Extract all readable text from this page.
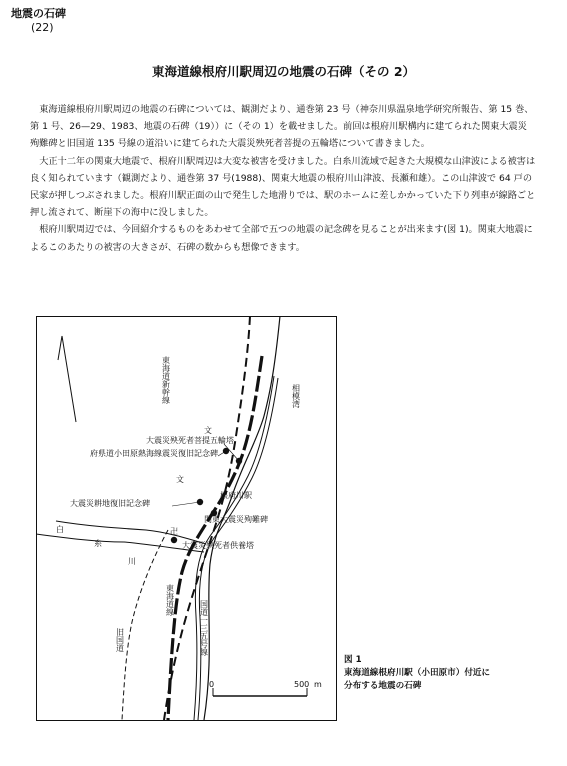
地震の石碑
(22)
東海道線根府川駅周辺の地震の石碑（その 2）

東海道線根府川駅周辺の地震の石碑については、観測だより、通巻第 23 号（神奈川県温泉地学研究所報告、第 15 巻、第 1 号、26—29、1983、地震の石碑（19））に（その 1）を載せました。前回は根府川駅構内に建てられた関東大震災殉難碑と旧国道 135 号線の道沿いに建てられた大震災殃死者菩提の五輪塔について書きました。

大正十二年の関東大地震で、根府川駅周辺は大変な被害を受けました。白糸川流域で起きた大規模な山津波による被害は良く知られています（観測だより、通巻第 37 号(1988)、関東大地震の根府川山津波、長瀬和雄）。この山津波で 64 戸の民家が押しつぶされました。根府川駅正面の山で発生した地滑りでは、駅のホームに差しかかっていた下り列車が線路ごと押し流されて、断崖下の海中に没しました。

根府川駅周辺では、今回紹介するものをあわせて全部で五つの地震の記念碑を見ることが出来ます(図 1)。関東大地震によるこのあたりの被害の大きさが、石碑の数からも想像できます。

文
文
卍
東海道新幹線	相模湾
大震災殃死者菩提五輪塔
府県道小田原熱海線震災復旧記念碑
根府川駅
大震災耕地復旧記念碑
関東大震災殉難碑
大震災殃死者供養塔
白
糸
川
東海道線	国道一三五号線
旧国道
0	500 m
図 1
東海道線根府川駅（小田原市）付近に
分布する地震の石碑
